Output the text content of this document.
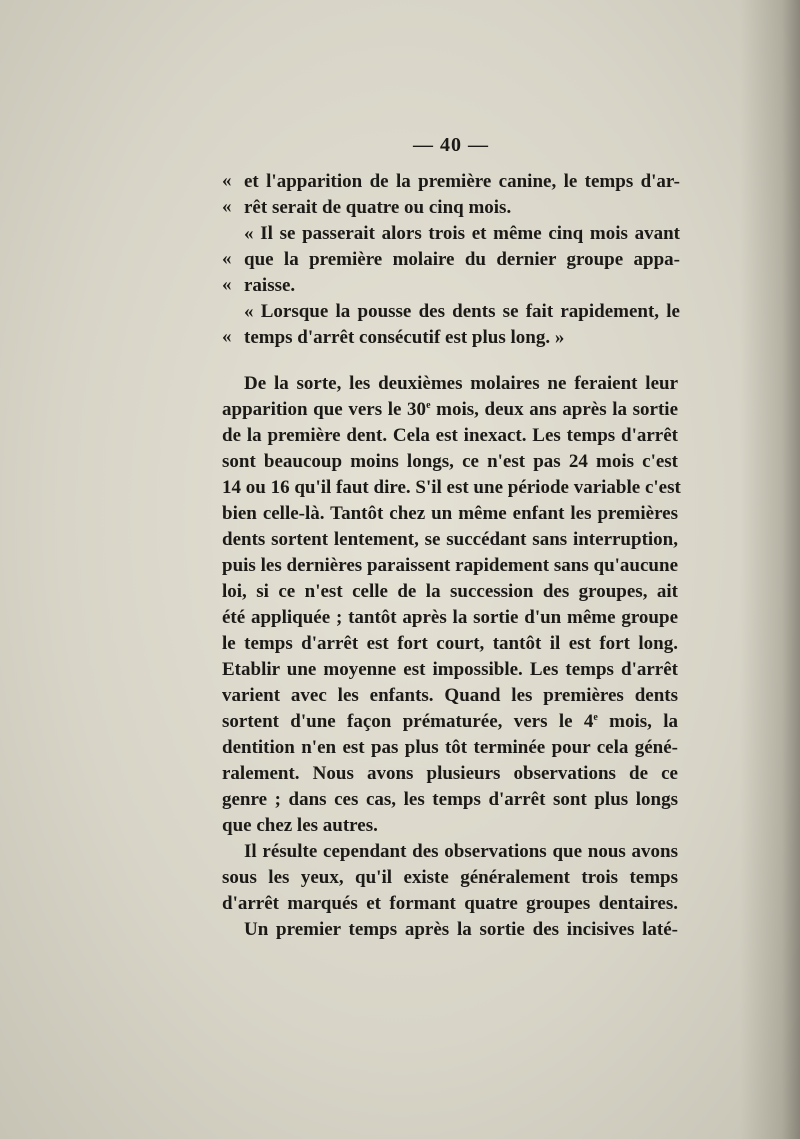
— 40 —
« et l'apparition de la première canine, le temps d'ar-
« rêt serait de quatre ou cinq mois.
« Il se passerait alors trois et même cinq mois avant
« que la première molaire du dernier groupe appa-
« raisse.
« Lorsque la pousse des dents se fait rapidement, le
« temps d'arrêt consécutif est plus long. »
De la sorte, les deuxièmes molaires ne feraient leur
apparition que vers le 30e mois, deux ans après la sortie
de la première dent. Cela est inexact. Les temps d'arrêt
sont beaucoup moins longs, ce n'est pas 24 mois c'est
14 ou 16 qu'il faut dire. S'il est une période variable c'est
bien celle-là. Tantôt chez un même enfant les premières
dents sortent lentement, se succédant sans interruption,
puis les dernières paraissent rapidement sans qu'aucune
loi, si ce n'est celle de la succession des groupes, ait
été appliquée ; tantôt après la sortie d'un même groupe
le temps d'arrêt est fort court, tantôt il est fort long.
Etablir une moyenne est impossible. Les temps d'arrêt
varient avec les enfants. Quand les premières dents
sortent d'une façon prématurée, vers le 4e mois, la
dentition n'en est pas plus tôt terminée pour cela géné-
ralement. Nous avons plusieurs observations de ce
genre ; dans ces cas, les temps d'arrêt sont plus longs
que chez les autres.
Il résulte cependant des observations que nous avons
sous les yeux, qu'il existe généralement trois temps
d'arrêt marqués et formant quatre groupes dentaires.
Un premier temps après la sortie des incisives laté-
